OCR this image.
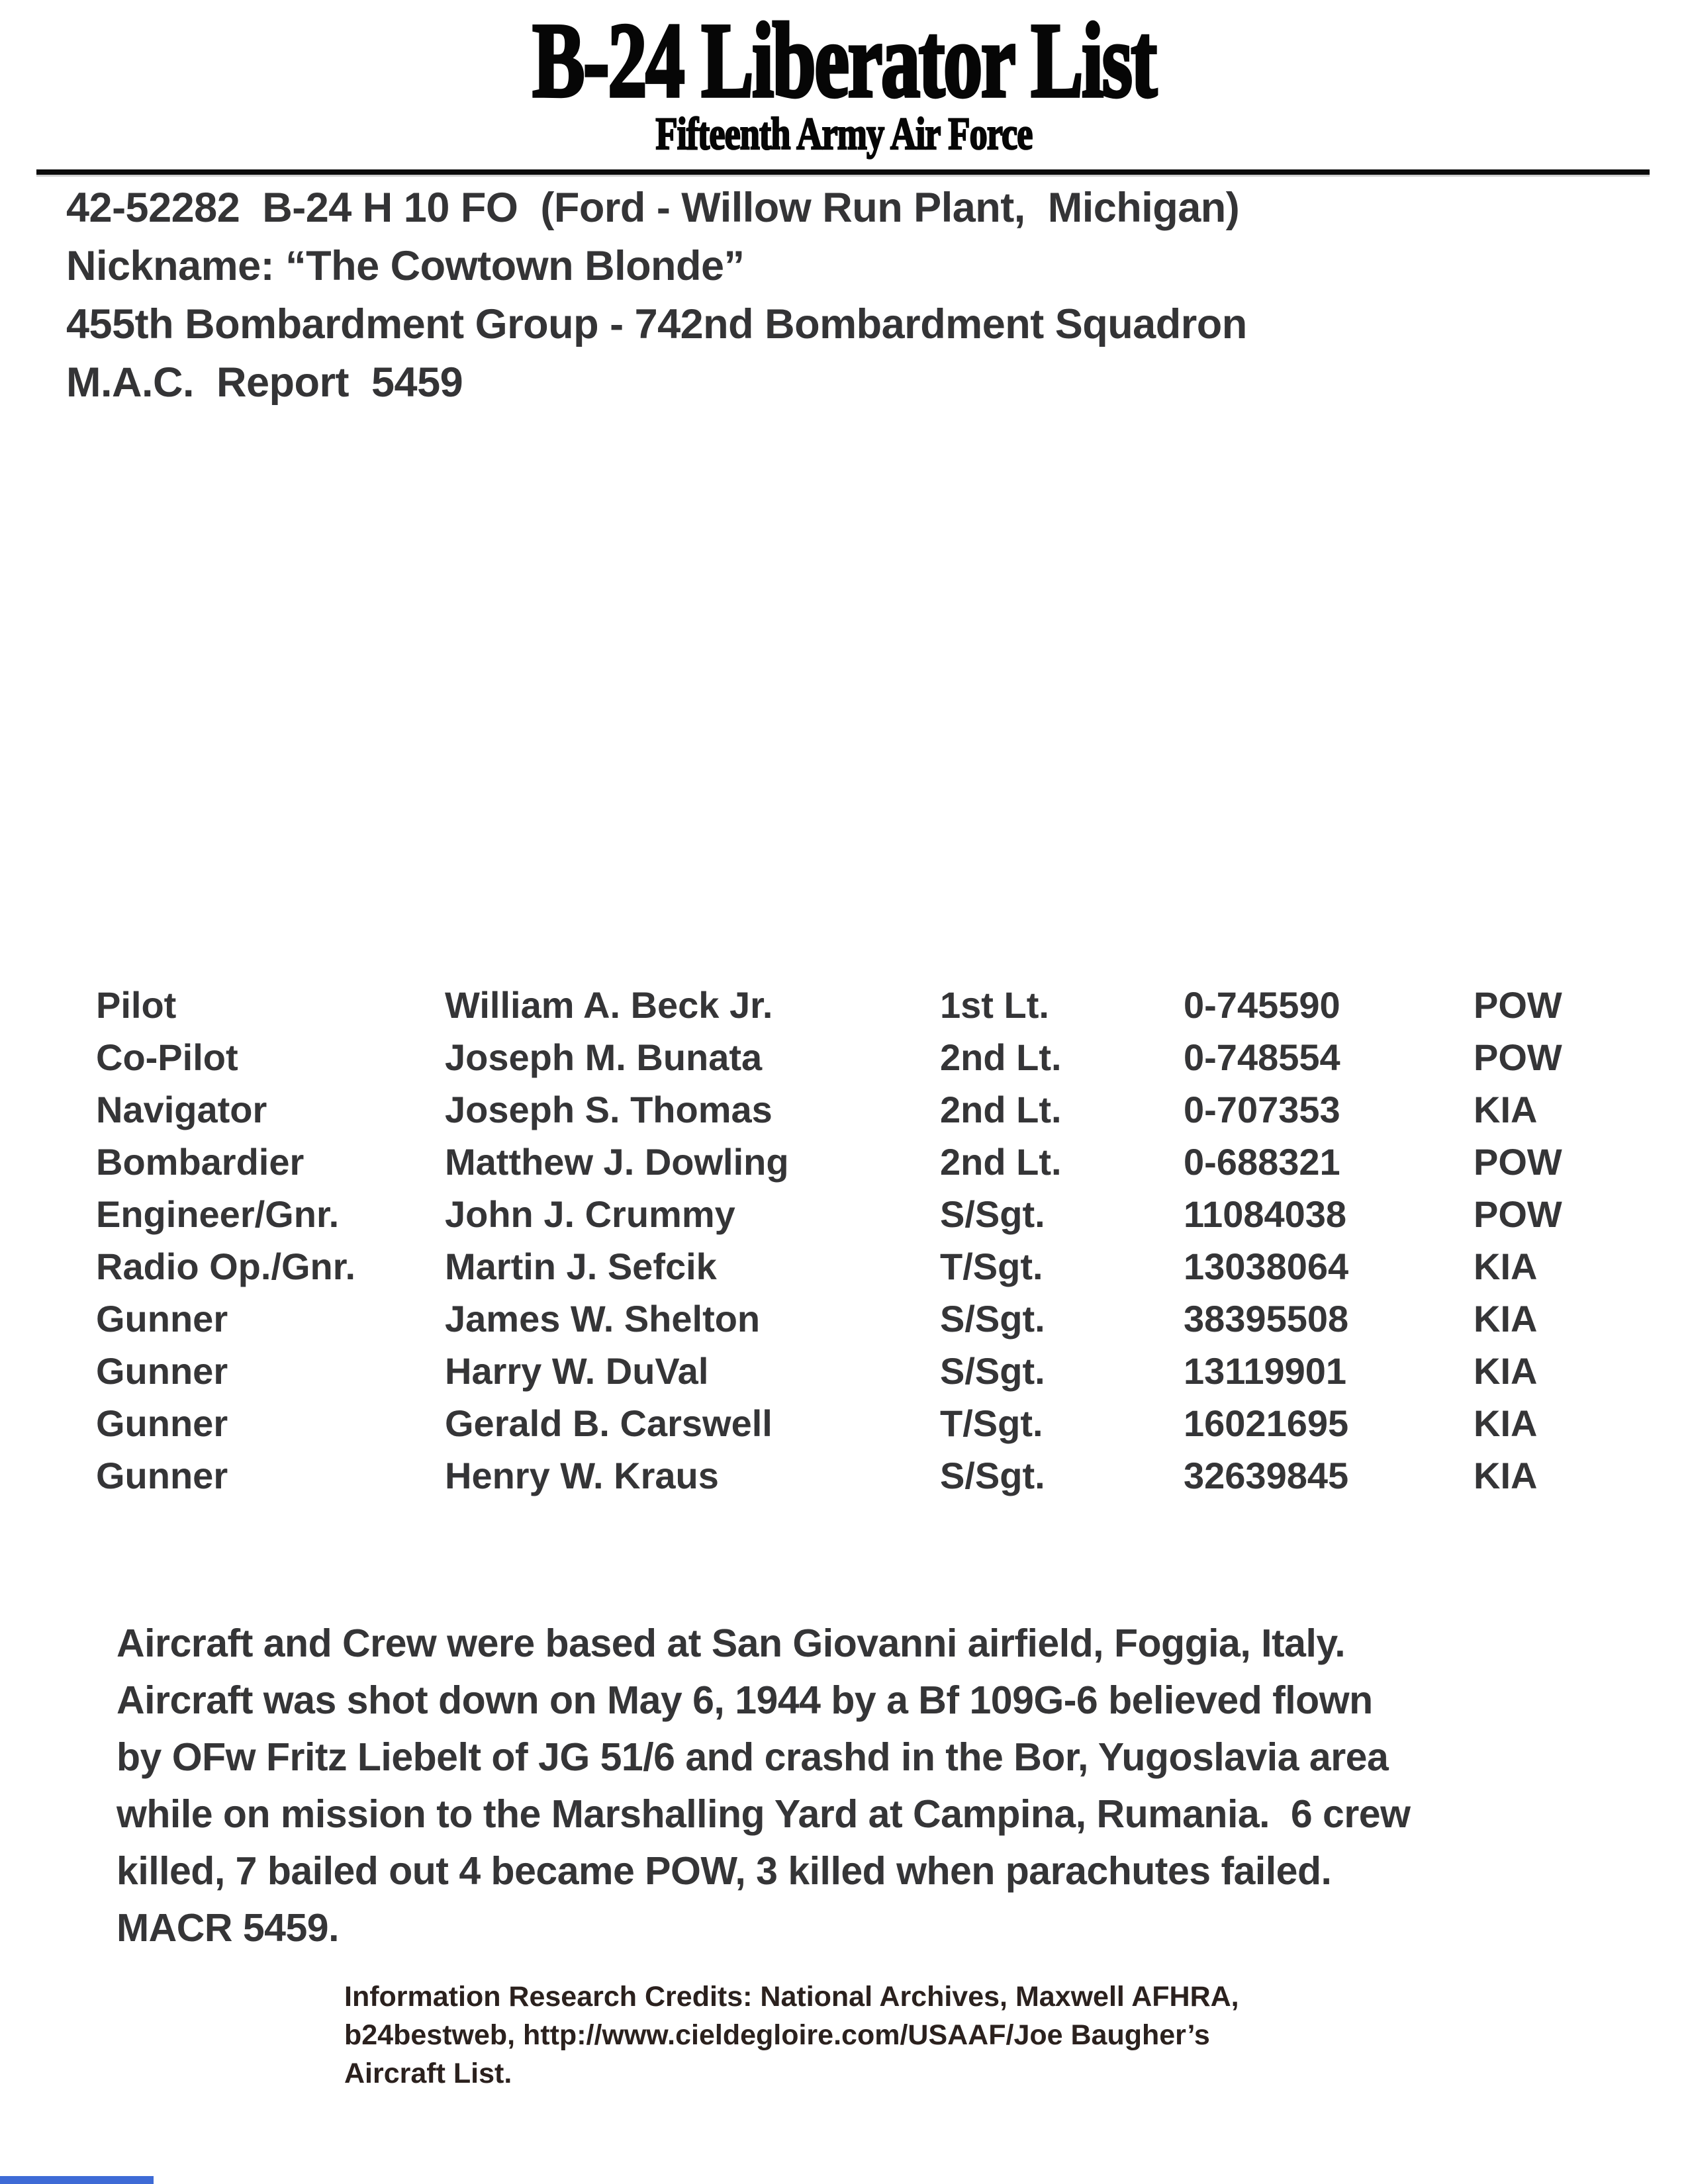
B-24 Liberator List
Fifteenth Army Air Force
42-52282  B-24 H 10 FO  (Ford - Willow Run Plant,  Michigan)
Nickname: “The Cowtown Blonde”
455th Bombardment Group - 742nd Bombardment Squadron
M.A.C.  Report  5459
Pilot	William A. Beck Jr.	1st Lt.	0-745590	POW
Co-Pilot	Joseph M. Bunata	2nd Lt.	0-748554	POW
Navigator	Joseph S. Thomas	2nd Lt.	0-707353	KIA
Bombardier	Matthew J. Dowling	2nd Lt.	0-688321	POW
Engineer/Gnr.	John J. Crummy	S/Sgt.	11084038	POW
Radio Op./Gnr.	Martin J. Sefcik	T/Sgt.	13038064	KIA
Gunner	James W. Shelton	S/Sgt.	38395508	KIA
Gunner	Harry W. DuVal	S/Sgt.	13119901	KIA
Gunner	Gerald B. Carswell	T/Sgt.	16021695	KIA
Gunner	Henry W. Kraus	S/Sgt.	32639845	KIA
Aircraft and Crew were based at San Giovanni airfield, Foggia, Italy.
Aircraft was shot down on May 6, 1944 by a Bf 109G-6 believed flown
by OFw Fritz Liebelt of JG 51/6 and crashd in the Bor, Yugoslavia area
while on mission to the Marshalling Yard at Campina, Rumania.  6 crew
killed, 7 bailed out 4 became POW, 3 killed when parachutes failed.
MACR 5459.
Information Research Credits: National Archives, Maxwell AFHRA,
b24bestweb, http://www.cieldegloire.com/USAAF/Joe Baugher’s
Aircraft List.
